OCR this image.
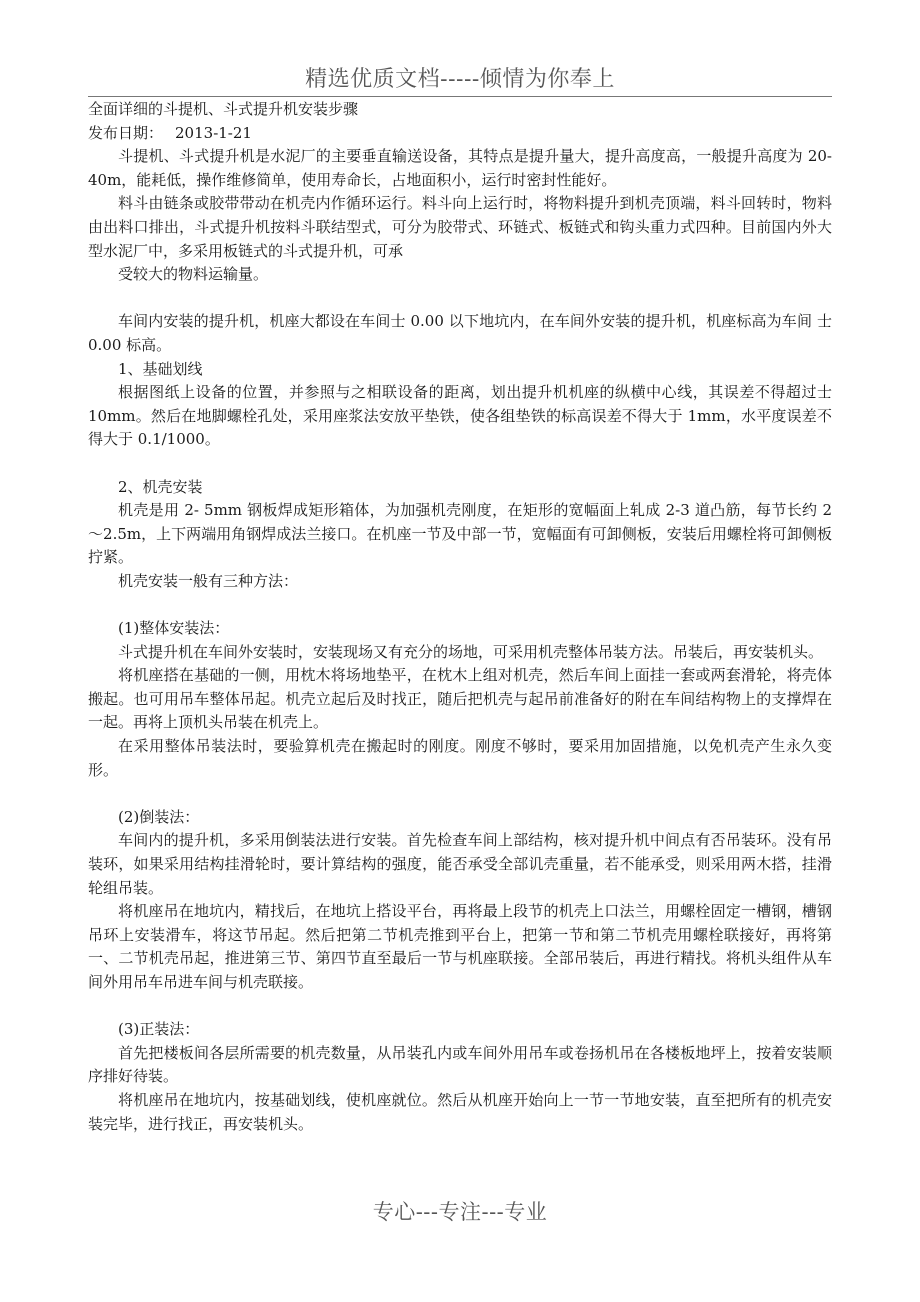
精选优质文档-----倾情为你奉上

全面详细的斗提机、斗式提升机安装步骤

发布日期： 2013-1-21

斗提机、斗式提升机是水泥厂的主要垂直输送设备，其特点是提升量大，提升高度高，一般提升高度为 20-40m，能耗低，操作维修简单，使用寿命长，占地面积小，运行时密封性能好。

料斗由链条或胶带带动在机壳内作循环运行。料斗向上运行时，将物料提升到机壳顶端，料斗回转时，物料由出料口排出，斗式提升机按料斗联结型式，可分为胶带式、环链式、板链式和钩头重力式四种。目前国内外大型水泥厂中，多采用板链式的斗式提升机，可承

受较大的物料运输量。

车间内安装的提升机，机座大都设在车间士 0.00 以下地坑内，在车间外安装的提升机，机座标高为车间 士 0.00 标高。

1、基础划线

根据图纸上设备的位置，并参照与之相联设备的距离，划出提升机机座的纵横中心线，其误差不得超过士 10mm。然后在地脚螺栓孔处，采用座浆法安放平垫铁，使各组垫铁的标高误差不得大于 1mm，水平度误差不得大于 0.1/1000。

2、机壳安装

机壳是用 2- 5mm 钢板焊成矩形箱体，为加强机壳刚度，在矩形的宽幅面上轧成 2-3 道凸筋，每节长约 2～2.5m，上下两端用角钢焊成法兰接口。在机座一节及中部一节，宽幅面有可卸侧板，安装后用螺栓将可卸侧板拧紧。

机壳安装一般有三种方法：

(1)整体安装法：

斗式提升机在车间外安装时，安装现场又有充分的场地，可采用机壳整体吊装方法。吊装后，再安装机头。

将机座搭在基础的一侧，用枕木将场地垫平，在枕木上组对机壳，然后车间上面挂一套或两套滑轮，将壳体搬起。也可用吊车整体吊起。机壳立起后及时找正，随后把机壳与起吊前准备好的附在车间结构物上的支撑焊在一起。再将上顶机头吊装在机壳上。

在采用整体吊装法时，要验算机壳在搬起时的刚度。刚度不够时，要采用加固措施，以免机壳产生永久变形。

(2)倒装法：

车间内的提升机，多采用倒装法进行安装。首先检查车间上部结构，核对提升机中间点有否吊装环。没有吊装环，如果采用结构挂滑轮时，要计算结构的强度，能否承受全部讥壳重量，若不能承受，则采用两木搭，挂滑轮组吊装。

将机座吊在地坑内，精找后，在地坑上搭设平台，再将最上段节的机壳上口法兰，用螺栓固定一槽钢，槽钢吊环上安装滑车，将这节吊起。然后把第二节机壳推到平台上，把第一节和第二节机壳用螺栓联接好，再将第一、二节机壳吊起，推进第三节、第四节直至最后一节与机座联接。全部吊装后，再进行精找。将机头组件从车间外用吊车吊进车间与机壳联接。

(3)正装法：

首先把楼板间各层所需要的机壳数量，从吊装孔内或车间外用吊车或卷扬机吊在各楼板地坪上，按着安装顺序排好待装。

将机座吊在地坑内，按基础划线，使机座就位。然后从机座开始向上一节一节地安装，直至把所有的机壳安装完毕，进行找正，再安装机头。

专心---专注---专业
